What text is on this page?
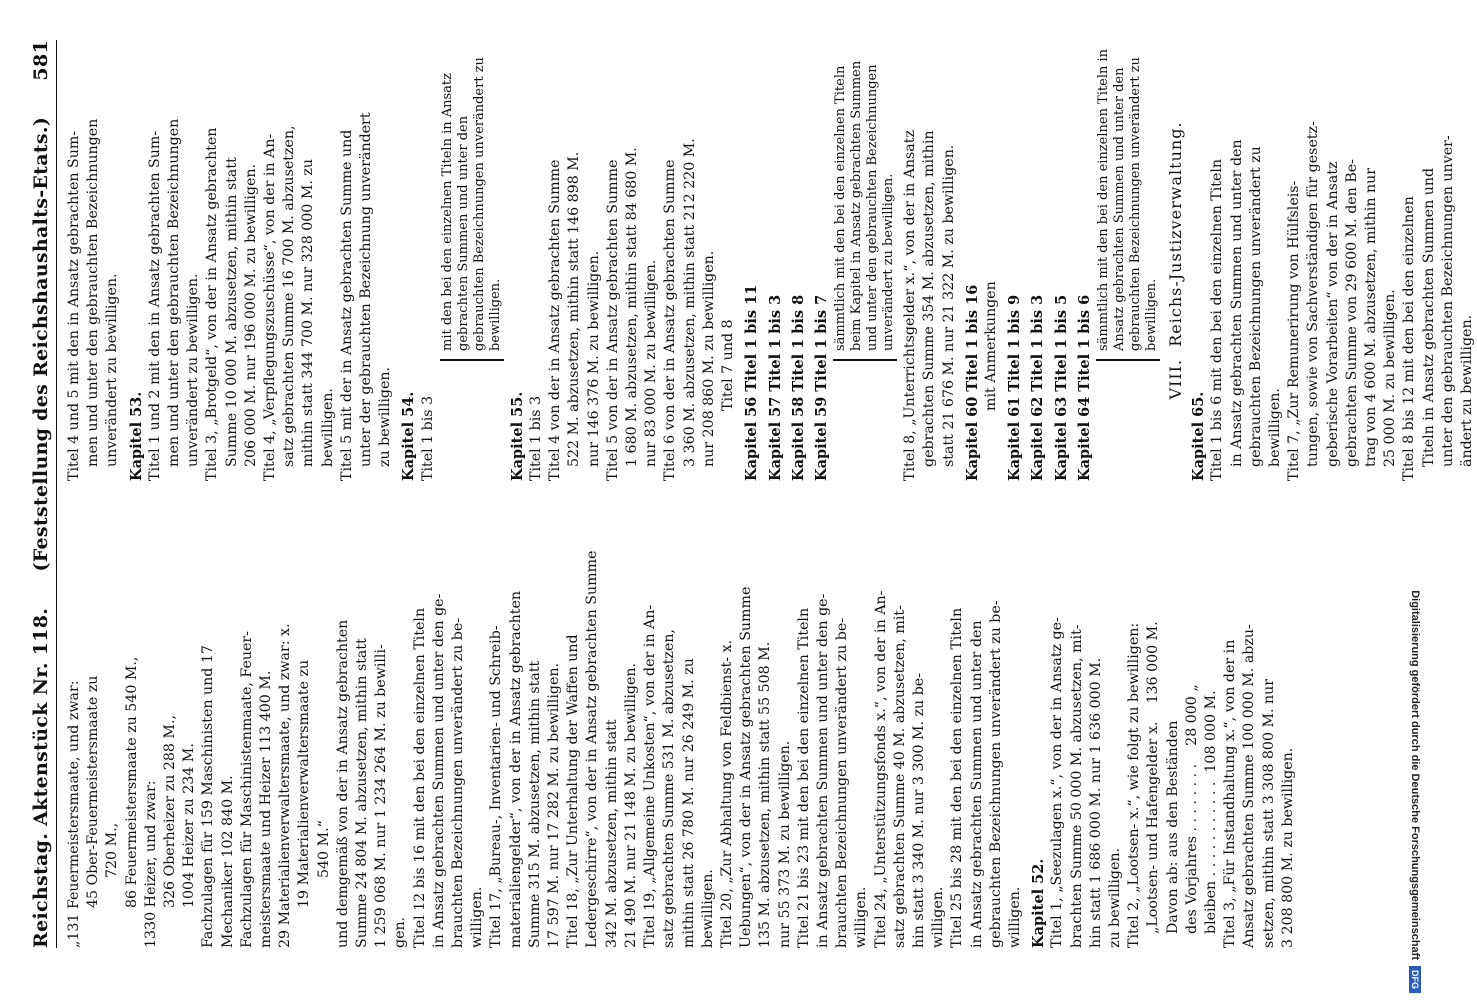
Reichstag. Aktenstück Nr. 118.
(Feststellung des Reichshaushalts-Etats.)
581
„131 Feuermeistersmaate, und zwar: 45 Ober-Feuermeistersmaate zu 720 M., 86 Feuermeistersmaate zu 540 M., 1330 Heizer, und zwar: 326 Oberheizer zu 288 M., 1004 Heizer zu 234 M. Fachzulagen für 159 Maschinisten und 17 Mechaniker 102 840 M. Fachzulagen für Maschinistenmaate, Feuer- meistersmaate und Heizer 113 400 M. 29 Materialienverwaltersmaate, und zwar: x. 19 Materialienverwaltersmaate zu 540 M.“ und demgemäß von der in Ansatz gebrachten Summe 24 804 M. abzusetzen, mithin statt 1 259 068 M. nur 1 234 264 M. zu bewilli- gen. Titel 12 bis 16 mit den bei den einzelnen Titeln in Ansatz gebrachten Summen und unter den ge- brauchten Bezeichnungen unverändert zu be- willigen. Titel 17, „Bureau-, Inventarien- und Schreib- materialiengelder“, von der in Ansatz gebrachten Summe 315 M. abzusetzen, mithin statt 17 597 M. nur 17 282 M. zu bewilligen. Titel 18, „Zur Unterhaltung der Waffen und Ledergeschirre“, von der in Ansatz gebrachten Summe 342 M. abzusetzen, mithin statt 21 490 M. nur 21 148 M. zu bewilligen. Titel 19, „Allgemeine Unkosten“, von der in An- satz gebrachten Summe 531 M. abzusetzen, mithin statt 26 780 M. nur 26 249 M. zu bewilligen. Titel 20, „Zur Abhaltung von Feldbienst- x. Uebungen“, von der in Ansatz gebrachten Summe 135 M. abzusetzen, mithin statt 55 508 M. nur 55 373 M. zu bewilligen. Titel 21 bis 23 mit den bei den einzelnen Titeln in Ansatz gebrachten Summen und unter den ge- brauchten Bezeichnungen unverändert zu be- willigen. Titel 24, „Unterstützungsfonds x.“, von der in An- satz gebrachten Summe 40 M. abzusetzen, mit- hin statt 3 340 M. nur 3 300 M. zu be- willigen. Titel 25 bis 28 mit den bei den einzelnen Titeln in Ansatz gebrachten Summen und unter den gebrauchten Bezeichnungen unverändert zu be- willigen. Kapitel 52. Titel 1, „Seezulagen x.“, von der in Ansatz ge- brachten Summe 50 000 M. abzusetzen, mit- hin statt 1 686 000 M. nur 1 636 000 M. zu bewilligen. Titel 2, „Lootsen- x.“, wie folgt zu bewilligen: „Lootsen- und Hafengelder x.    136 000 M. Davon ab: aus den Beständen des Vorjahres . . . . . . . .    28 000 „ bleiben . . . . . . . . . . .  108 000 M. Titel 3, „Für Instandhaltung x.“, von der in Ansatz gebrachten Summe 100 000 M. abzu- setzen, mithin statt 3 308 800 M. nur 3 208 800 M. zu bewilligen.
Titel 4 und 5 mit den in Ansatz gebrachten Sum- men und unter den gebrauchten Bezeichnungen unverändert zu bewilligen. Kapitel 53. Titel 1 und 2 mit den in Ansatz gebrachten Sum- men und unter den gebrauchten Bezeichnungen unverändert zu bewilligen. Titel 3, „Brotgeld“, von der in Ansatz gebrachten Summe 10 000 M. abzusetzen, mithin statt 206 000 M. nur 196 000 M. zu bewilligen. Titel 4, „Verpflegungszuschüsse“, von der in An- satz gebrachten Summe 16 700 M. abzusetzen, mithin statt 344 700 M. nur 328 000 M. zu bewilligen. Titel 5 mit der in Ansatz gebrachten Summe und unter der gebrauchten Bezeichnung unverändert zu bewilligen. Kapitel 54. Titel 1 bis 3
mit den bei den einzelnen Titeln in Ansatz gebrachten Summen und unter den gebrauchten Bezeichnungen unverändert zu bewilligen.
Kapitel 55. Titel 1 bis 3 Titel 4 von der in Ansatz gebrachten Summe 522 M. abzusetzen, mithin statt 146 898 M. nur 146 376 M. zu bewilligen. Titel 5 von der in Ansatz gebrachten Summe 1 680 M. abzusetzen, mithin statt 84 680 M. nur 83 000 M. zu bewilligen. Titel 6 von der in Ansatz gebrachten Summe 3 360 M. abzusetzen, mithin statt 212 220 M. nur 208 860 M. zu bewilligen. Titel 7 und 8 Kapitel 56 Titel 1 bis 11 Kapitel 57 Titel 1 bis 3 Kapitel 58 Titel 1 bis 8 Kapitel 59 Titel 1 bis 7
sämmtlich mit den bei den einzelnen Titeln beim Kapitel in Ansatz gebrachten Summen und unter den gebrauchten Bezeichnungen unverändert zu bewilligen. Titel 8, „Unterrichtsgelder x.“, von der in Ansatz gebrachten Summe 354 M. abzusetzen, mithin statt 21 676 M. nur 21 322 M. zu bewilligen. Kapitel 60 Titel 1 bis 16 mit Anmerkungen Kapitel 61 Titel 1 bis 9 Kapitel 62 Titel 1 bis 3 Kapitel 63 Titel 1 bis 5 Kapitel 64 Titel 1 bis 6
sämmtlich mit den bei den einzelnen Titeln in Ansatz gebrachten Summen und unter den gebrauchten Bezeichnungen unverändert zu bewilligen. VIII.  Reichs-Justizverwaltung.
Kapitel 65. Titel 1 bis 6 mit den bei den einzelnen Titeln in Ansatz gebrachten Summen und unter den gebrauchten Bezeichnungen unverändert zu bewilligen. Titel 7, „Zur Remunerirung von Hülfsleis- tungen, sowie von Sachverständigen für gesetz- geberische Vorarbeiten“ von der in Ansatz gebrachten Summe von 29 600 M. den Be- trag von 4 600 M. abzusetzen, mithin nur 25 000 M. zu bewilligen. Titel 8 bis 12 mit den bei den einzelnen Titeln in Ansatz gebrachten Summen und unter den gebrauchten Bezeichnungen unver- ändert zu bewilligen.
Digitalisierung gefördert durch die Deutsche Forschungsgemeinschaft
DFG
